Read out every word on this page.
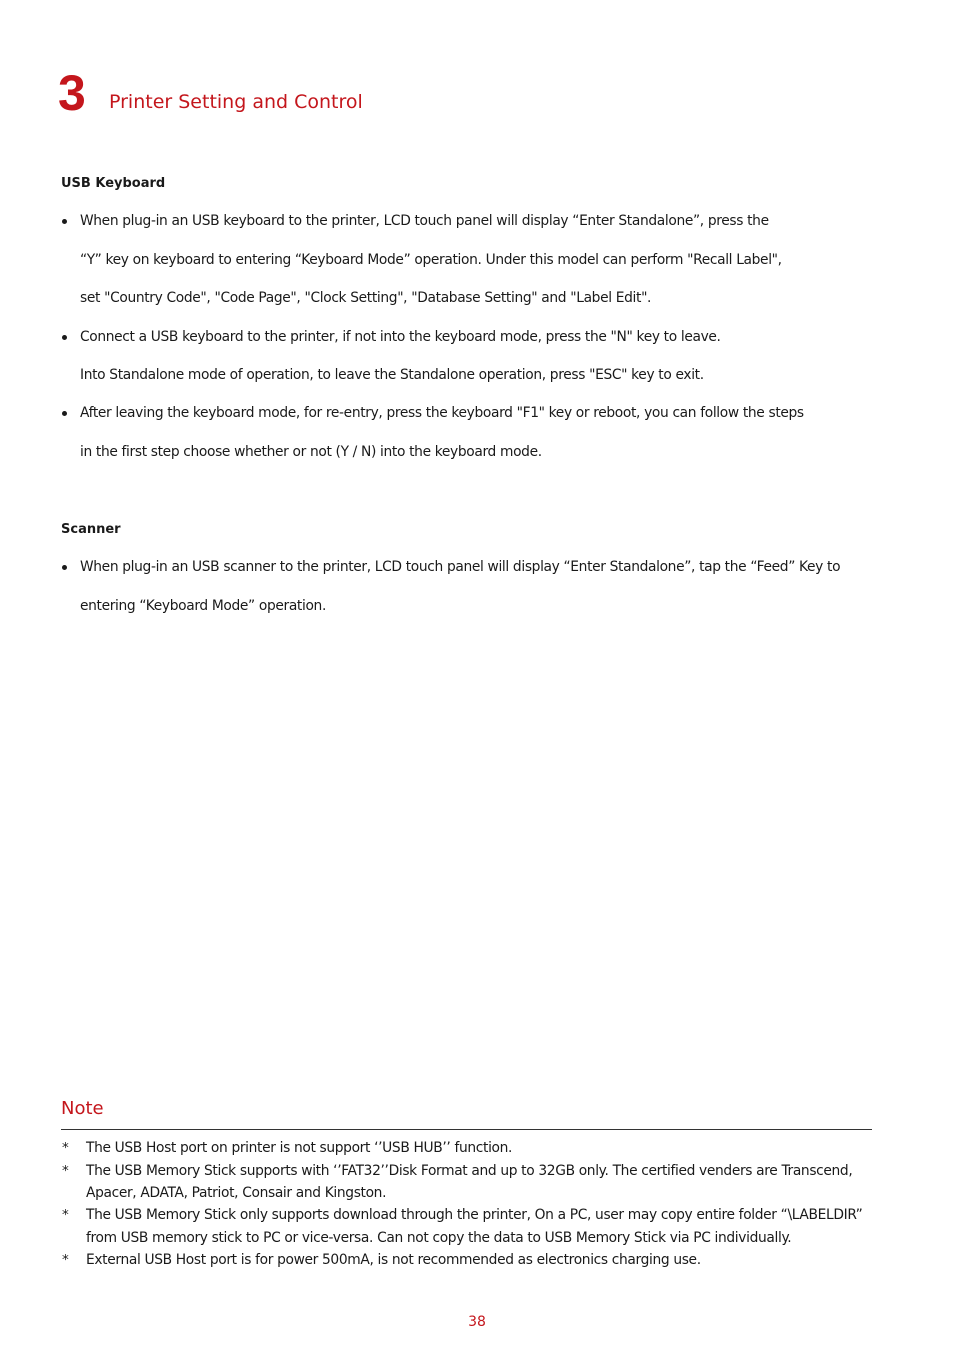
3 Printer Setting and Control
USB Keyboard
When plug-in an USB keyboard to the printer, LCD touch panel will display “Enter Standalone”, press the
“Y” key on keyboard to entering “Keyboard Mode” operation. Under this model can perform "Recall Label",
set "Country Code", "Code Page", "Clock Setting", "Database Setting" and "Label Edit".
Connect a USB keyboard to the printer, if not into the keyboard mode, press the "N" key to leave.
Into Standalone mode of operation, to leave the Standalone operation, press "ESC" key to exit.
After leaving the keyboard mode, for re-entry, press the keyboard "F1" key or reboot, you can follow the steps
in the first step choose whether or not (Y / N) into the keyboard mode.
Scanner
When plug-in an USB scanner to the printer, LCD touch panel will display “Enter Standalone”, tap the “Feed” Key to
entering “Keyboard Mode” operation.
Note
* The USB Host port on printer is not support ‘’USB HUB’’ function.
* The USB Memory Stick supports with ‘’FAT32’’Disk Format and up to 32GB only. The certified venders are Transcend,
Apacer, ADATA, Patriot, Consair and Kingston.
* The USB Memory Stick only supports download through the printer, On a PC, user may copy entire folder “\LABELDIR”
from USB memory stick to PC or vice-versa. Can not copy the data to USB Memory Stick via PC individually.
* External USB Host port is for power 500mA, is not recommended as electronics charging use.
38
